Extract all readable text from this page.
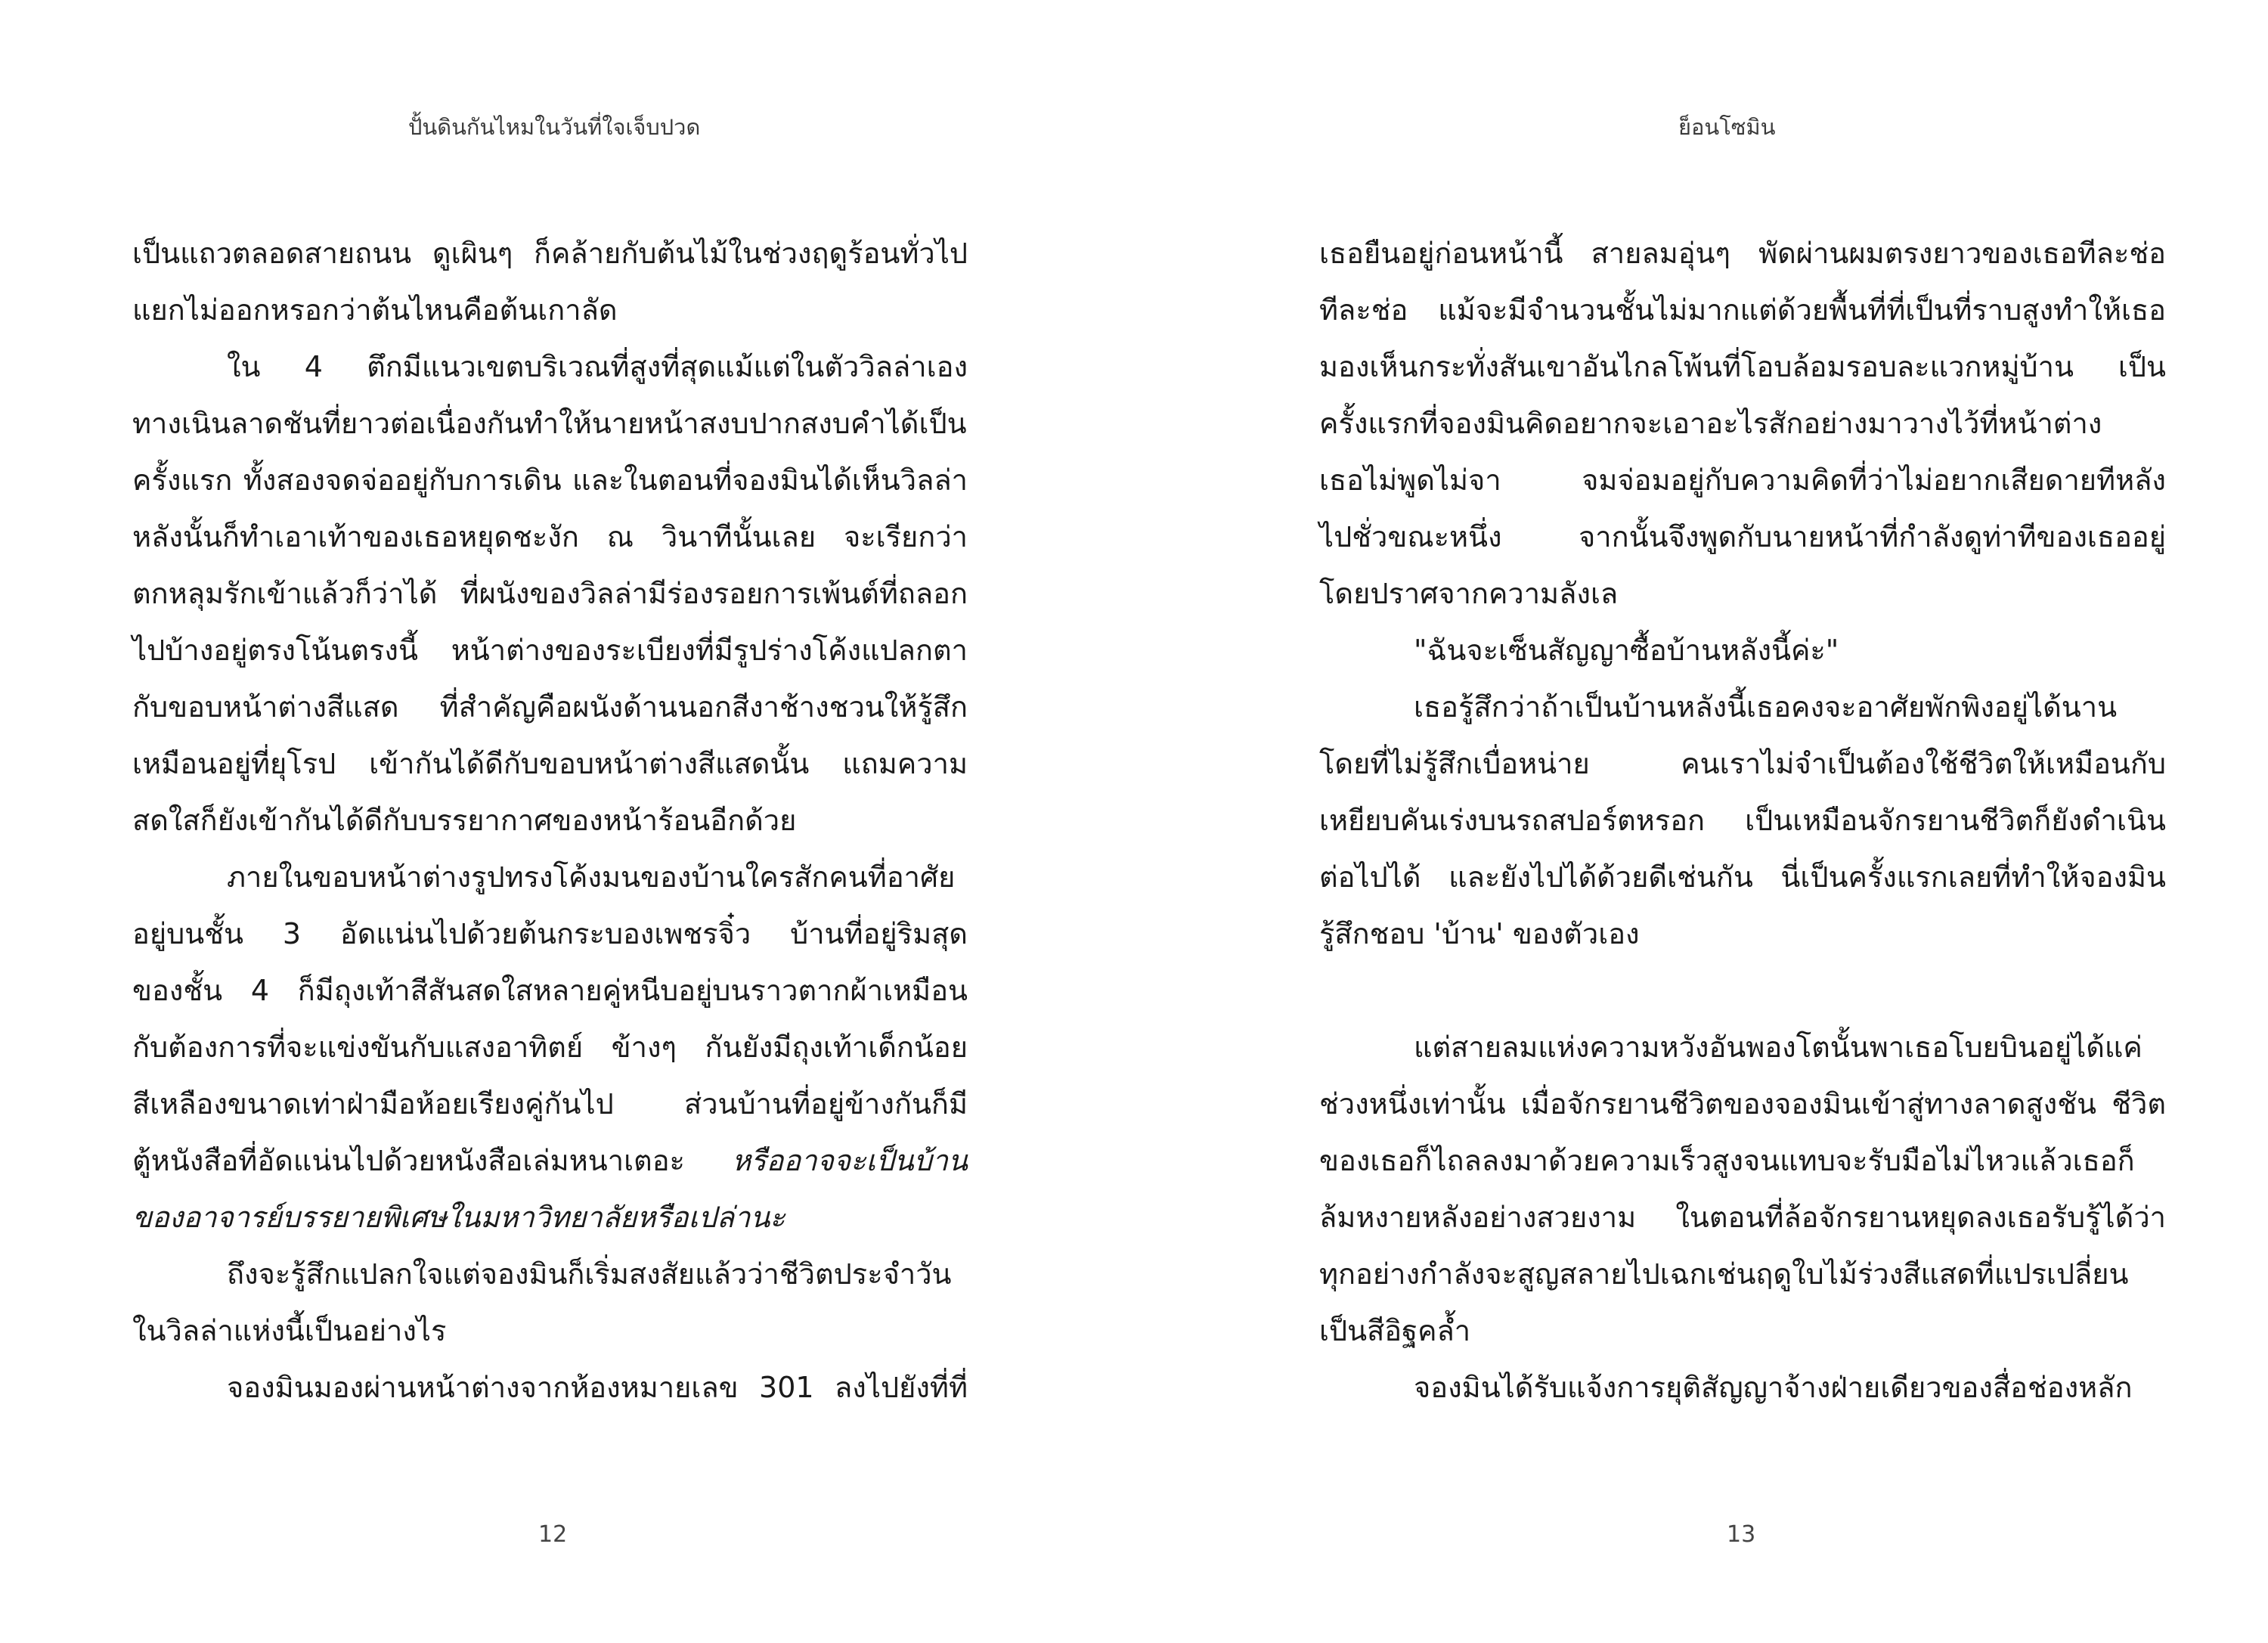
ปั้นดินกันไหมในวันที่ใจเจ็บปวด
เป็นแถวตลอดสายถนน ดูเผินๆ ก็คล้ายกับต้นไม้ในช่วงฤดูร้อนทั่วไป
แยกไม่ออกหรอกว่าต้นไหนคือต้นเกาลัด
ใน 4 ตึกมีแนวเขตบริเวณที่สูงที่สุดแม้แต่ในตัววิลล่าเอง
ทางเนินลาดชันที่ยาวต่อเนื่องกันทำให้นายหน้าสงบปากสงบคำได้เป็น
ครั้งแรก ทั้งสองจดจ่ออยู่กับการเดิน และในตอนที่จองมินได้เห็นวิลล่า
หลังนั้นก็ทำเอาเท้าของเธอหยุดชะงัก ณ วินาทีนั้นเลย จะเรียกว่า
ตกหลุมรักเข้าแล้วก็ว่าได้ ที่ผนังของวิลล่ามีร่องรอยการเพ้นต์ที่ถลอก
ไปบ้างอยู่ตรงโน้นตรงนี้ หน้าต่างของระเบียงที่มีรูปร่างโค้งแปลกตา
กับขอบหน้าต่างสีแสด ที่สำคัญคือผนังด้านนอกสีงาช้างชวนให้รู้สึก
เหมือนอยู่ที่ยุโรป เข้ากันได้ดีกับขอบหน้าต่างสีแสดนั้น แถมความ
สดใสก็ยังเข้ากันได้ดีกับบรรยากาศของหน้าร้อนอีกด้วย
ภายในขอบหน้าต่างรูปทรงโค้งมนของบ้านใครสักคนที่อาศัย
อยู่บนชั้น 3 อัดแน่นไปด้วยต้นกระบองเพชรจิ๋ว บ้านที่อยู่ริมสุด
ของชั้น 4 ก็มีถุงเท้าสีสันสดใสหลายคู่หนีบอยู่บนราวตากผ้าเหมือน
กับต้องการที่จะแข่งขันกับแสงอาทิตย์ ข้างๆ กันยังมีถุงเท้าเด็กน้อย
สีเหลืองขนาดเท่าฝ่ามือห้อยเรียงคู่กันไป ส่วนบ้านที่อยู่ข้างกันก็มี
ตู้หนังสือที่อัดแน่นไปด้วยหนังสือเล่มหนาเตอะ หรืออาจจะเป็นบ้าน
ของอาจารย์บรรยายพิเศษในมหาวิทยาลัยหรือเปล่านะ
ถึงจะรู้สึกแปลกใจแต่จองมินก็เริ่มสงสัยแล้วว่าชีวิตประจำวัน
ในวิลล่าแห่งนี้เป็นอย่างไร
จองมินมองผ่านหน้าต่างจากห้องหมายเลข 301 ลงไปยังที่ที่
12
ย็อนโซมิน
เธอยืนอยู่ก่อนหน้านี้ สายลมอุ่นๆ พัดผ่านผมตรงยาวของเธอทีละช่อ
ทีละช่อ แม้จะมีจำนวนชั้นไม่มากแต่ด้วยพื้นที่ที่เป็นที่ราบสูงทำให้เธอ
มองเห็นกระทั่งสันเขาอันไกลโพ้นที่โอบล้อมรอบละแวกหมู่บ้าน เป็น
ครั้งแรกที่จองมินคิดอยากจะเอาอะไรสักอย่างมาวางไว้ที่หน้าต่าง
เธอไม่พูดไม่จา จมจ่อมอยู่กับความคิดที่ว่าไม่อยากเสียดายทีหลัง
ไปชั่วขณะหนึ่ง จากนั้นจึงพูดกับนายหน้าที่กำลังดูท่าทีของเธออยู่
โดยปราศจากความลังเล
"ฉันจะเซ็นสัญญาซื้อบ้านหลังนี้ค่ะ"
เธอรู้สึกว่าถ้าเป็นบ้านหลังนี้เธอคงจะอาศัยพักพิงอยู่ได้นาน
โดยที่ไม่รู้สึกเบื่อหน่าย คนเราไม่จำเป็นต้องใช้ชีวิตให้เหมือนกับ
เหยียบคันเร่งบนรถสปอร์ตหรอก เป็นเหมือนจักรยานชีวิตก็ยังดำเนิน
ต่อไปได้ และยังไปได้ด้วยดีเช่นกัน นี่เป็นครั้งแรกเลยที่ทำให้จองมิน
รู้สึกชอบ 'บ้าน' ของตัวเอง
แต่สายลมแห่งความหวังอันพองโตนั้นพาเธอโบยบินอยู่ได้แค่
ช่วงหนึ่งเท่านั้น เมื่อจักรยานชีวิตของจองมินเข้าสู่ทางลาดสูงชัน ชีวิต
ของเธอก็ไถลลงมาด้วยความเร็วสูงจนแทบจะรับมือไม่ไหวแล้วเธอก็
ล้มหงายหลังอย่างสวยงาม ในตอนที่ล้อจักรยานหยุดลงเธอรับรู้ได้ว่า
ทุกอย่างกำลังจะสูญสลายไปเฉกเช่นฤดูใบไม้ร่วงสีแสดที่แปรเปลี่ยน
เป็นสีอิฐคล้ำ
จองมินได้รับแจ้งการยุติสัญญาจ้างฝ่ายเดียวของสื่อช่องหลัก
13
